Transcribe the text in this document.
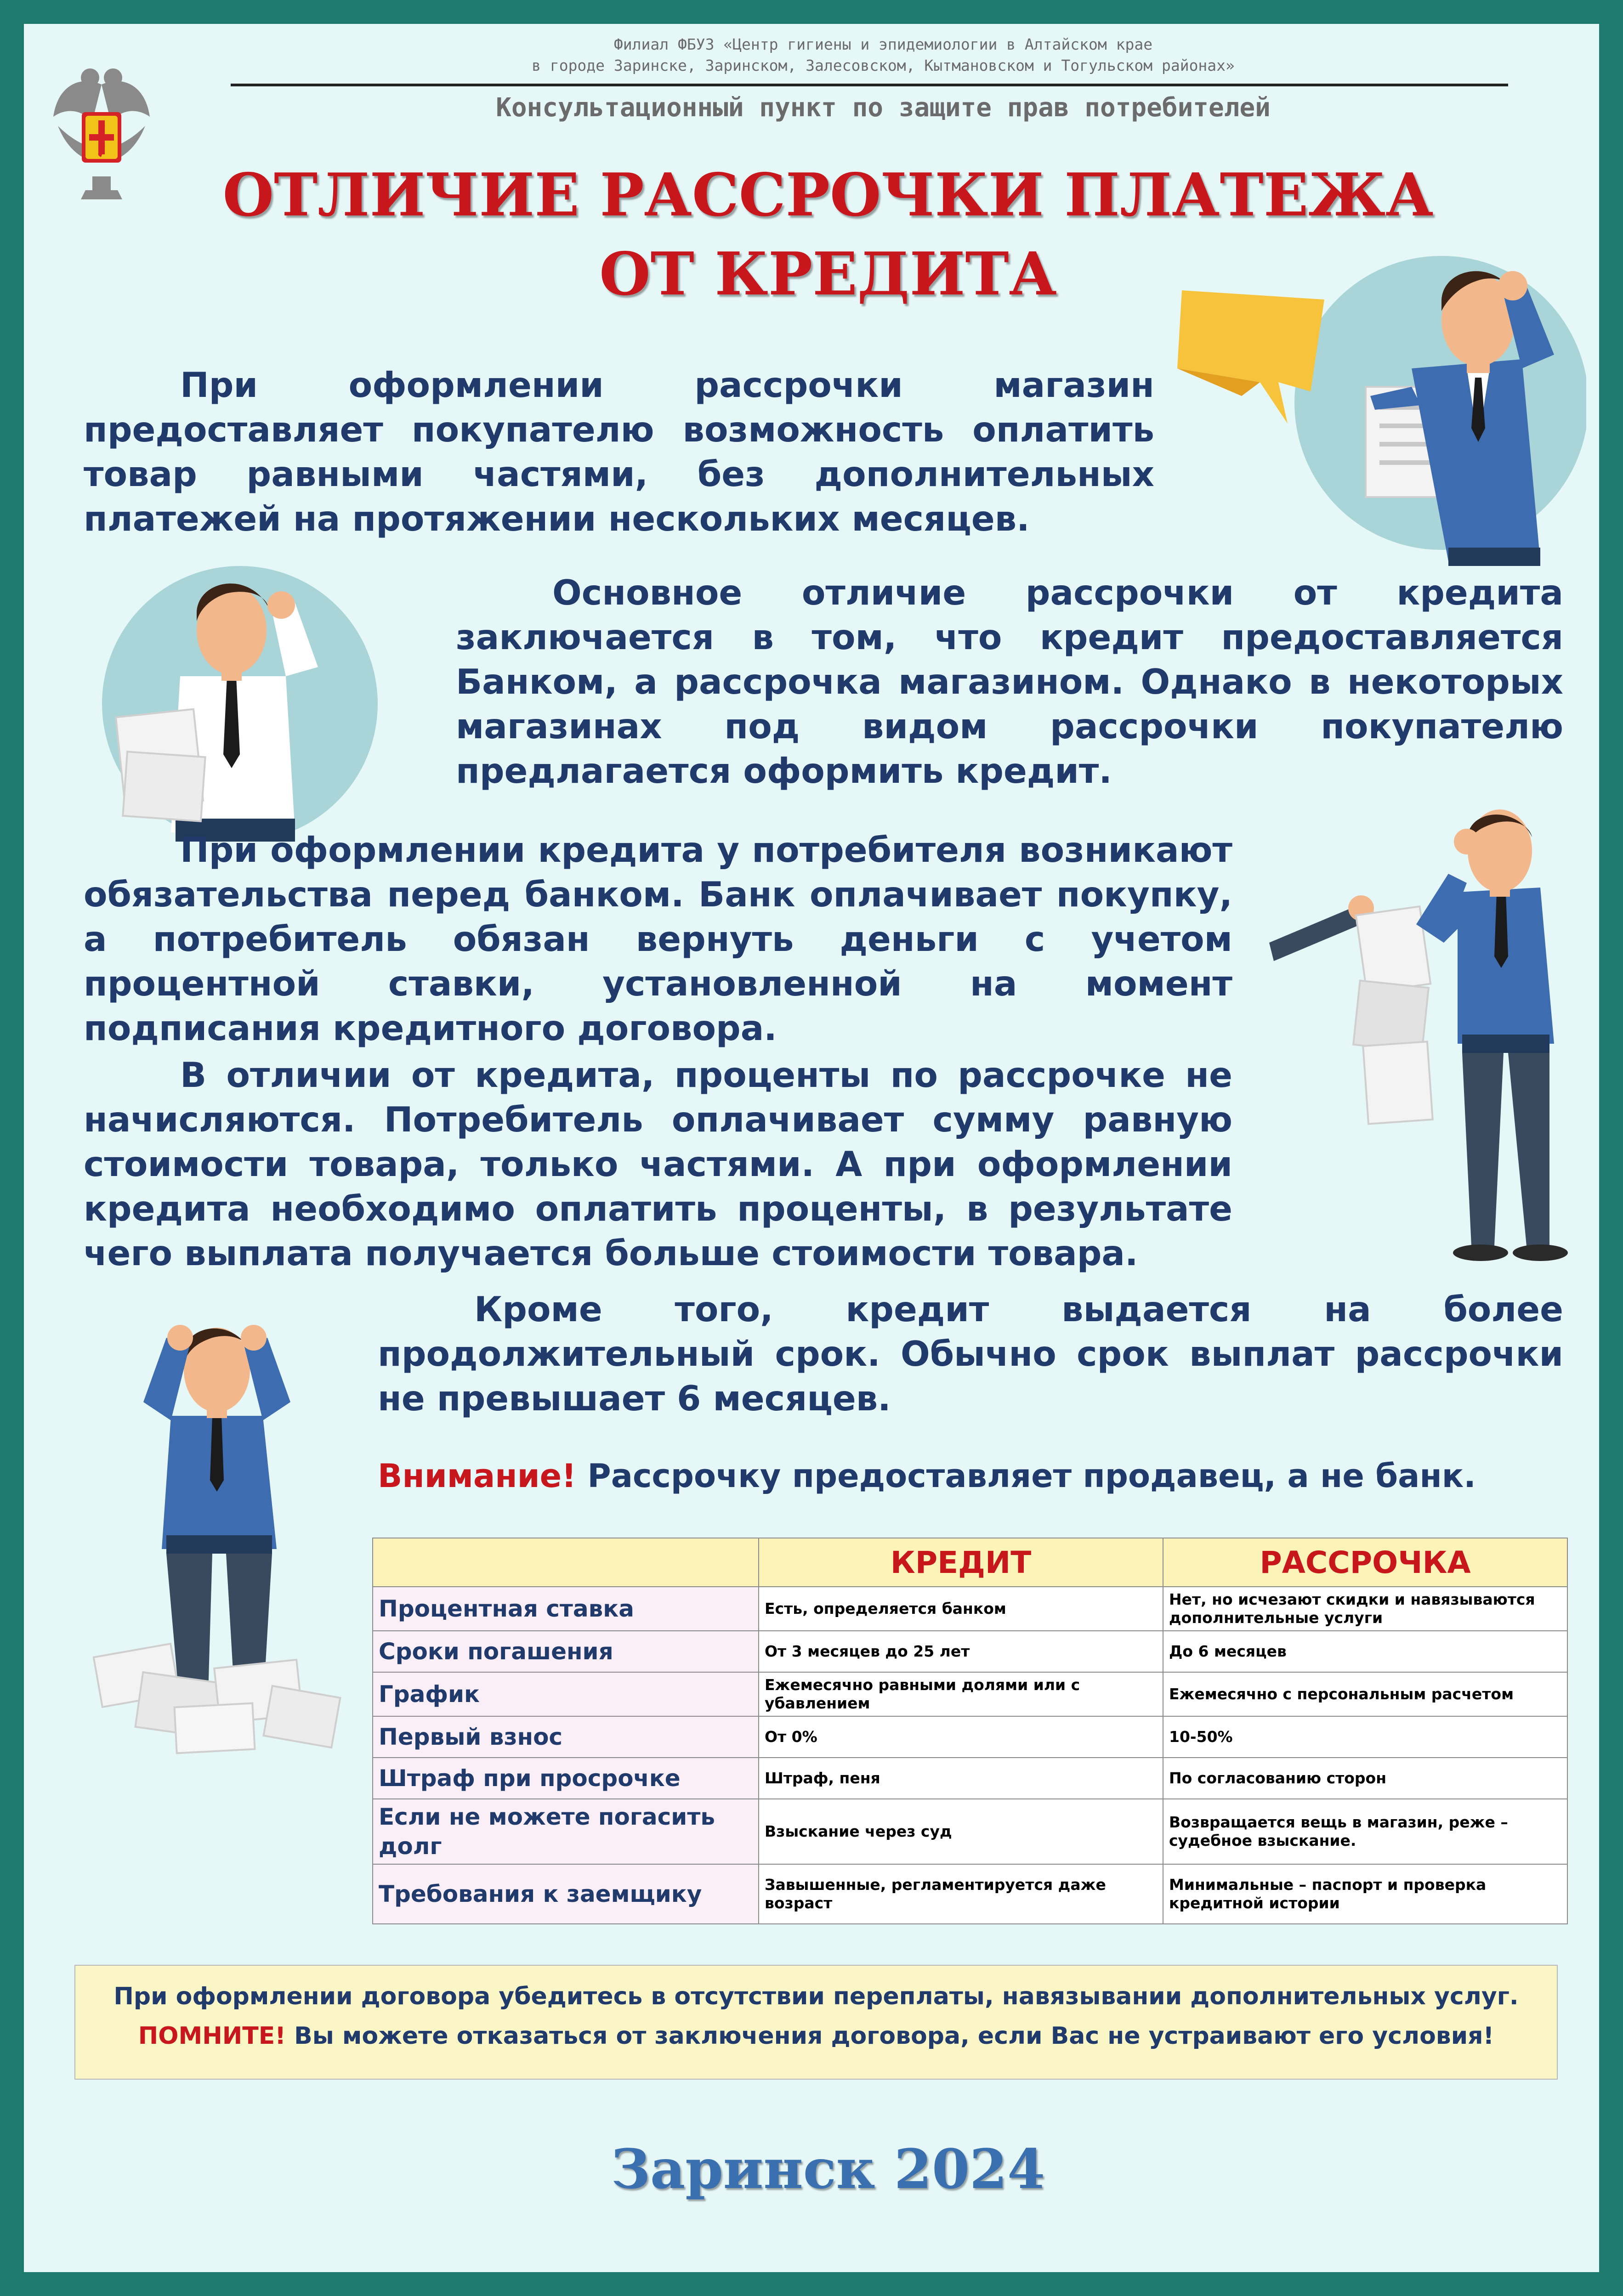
Филиал ФБУЗ «Центр гигиены и эпидемиологии в Алтайском крае
в городе Заринске, Заринском, Залесовском, Кытмановском и Тогульском районах»
Консультационный пункт по защите прав потребителей
ОТЛИЧИЕ РАССРОЧКИ ПЛАТЕЖА
ОТ КРЕДИТА
При оформлении рассрочки магазин предоставляет покупателю возможность оплатить товар равными частями, без дополнительных платежей на протяжении нескольких месяцев.
Основное отличие рассрочки от кредита заключается в том, что кредит предоставляется Банком, а рассрочка магазином. Однако в некоторых магазинах под видом рассрочки покупателю предлагается оформить кредит.
При оформлении кредита у потребителя возникают обязательства перед банком. Банк оплачивает покупку, а потребитель обязан вернуть деньги с учетом процентной ставки, установленной на момент подписания кредитного договора.
В отличии от кредита, проценты по рассрочке не начисляются. Потребитель оплачивает сумму равную стоимости товара, только частями. А при оформлении кредита необходимо оплатить проценты, в результате чего выплата получается больше стоимости товара.
Кроме того, кредит выдается на более продолжительный срок. Обычно срок выплат рассрочки не превышает 6 месяцев.
Внимание! Рассрочку предоставляет продавец, а не банк.
	КРЕДИТ	РАССРОЧКА
Процентная ставка	Есть, определяется банком	Нет, но исчезают скидки и навязываются дополнительные услуги
Сроки погашения	От 3 месяцев до 25 лет	До 6 месяцев
График	Ежемесячно равными долями или с убавлением	Ежемесячно с персональным расчетом
Первый взнос	От 0%	10-50%
Штраф при просрочке	Штраф, пеня	По согласованию сторон
Если не можете погасить долг	Взыскание через суд	Возвращается вещь в магазин, реже – судебное взыскание.
Требования к заемщику	Завышенные, регламентируется даже возраст	Минимальные – паспорт и проверка кредитной истории
При оформлении договора убедитесь в отсутствии переплаты, навязывании дополнительных услуг.
ПОМНИТЕ! Вы можете отказаться от заключения договора, если Вас не устраивают его условия!
Заринск 2024
